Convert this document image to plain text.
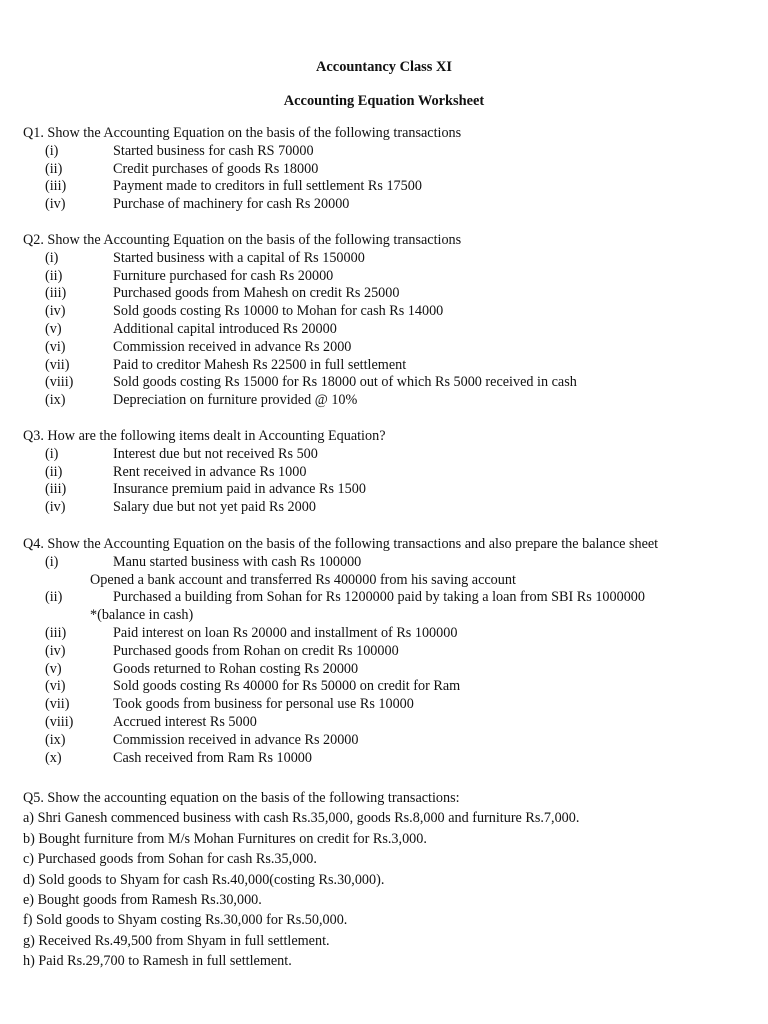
Accountancy Class XI
Accounting Equation Worksheet
Q1. Show the Accounting Equation on the basis of the following transactions
(i)	Started business for cash RS 70000
(ii)	Credit purchases of goods Rs 18000
(iii)	Payment made to creditors in full settlement Rs 17500
(iv)	Purchase of machinery for cash Rs 20000
Q2. Show the Accounting Equation on the basis of the following transactions
(i)	Started business with a capital of Rs 150000
(ii)	Furniture purchased for cash Rs 20000
(iii)	Purchased goods from Mahesh on credit Rs 25000
(iv)	Sold goods costing Rs 10000 to Mohan for cash Rs 14000
(v)	Additional capital introduced Rs 20000
(vi)	Commission received in advance Rs 2000
(vii)	Paid to creditor Mahesh Rs 22500 in full settlement
(viii)	Sold goods costing Rs 15000 for Rs 18000 out of which Rs 5000 received in cash
(ix)	Depreciation on furniture provided @ 10%
Q3. How are the following items dealt in Accounting Equation?
(i)	Interest due but not received Rs 500
(ii)	Rent received in advance Rs 1000
(iii)	Insurance premium paid in advance Rs 1500
(iv)	Salary due but not yet paid Rs 2000
Q4. Show the Accounting Equation on the basis of the following transactions and also prepare the balance sheet
(i)	Manu started business with cash Rs 100000
Opened a bank account and transferred Rs 400000 from his saving account
(ii)	Purchased a building from Sohan for Rs 1200000 paid by taking a loan from SBI Rs 1000000
*(balance in cash)
(iii)	Paid interest on loan Rs 20000 and installment of Rs 100000
(iv)	Purchased goods from Rohan on credit Rs 100000
(v)	Goods returned to Rohan costing Rs 20000
(vi)	Sold goods costing Rs 40000 for Rs 50000 on credit for Ram
(vii)	Took goods from business for personal use Rs 10000
(viii)	Accrued interest Rs 5000
(ix)	Commission received in advance Rs 20000
(x)	Cash received from Ram Rs 10000
Q5. Show the accounting equation on the basis of the following transactions:
a) Shri Ganesh commenced business with cash Rs.35,000, goods Rs.8,000 and furniture Rs.7,000.
b) Bought furniture from M/s Mohan Furnitures on credit for Rs.3,000.
c) Purchased goods from Sohan for cash Rs.35,000.
d) Sold goods to Shyam for cash Rs.40,000(costing Rs.30,000).
e) Bought goods from Ramesh Rs.30,000.
f) Sold goods to Shyam costing Rs.30,000 for Rs.50,000.
g) Received Rs.49,500 from Shyam in full settlement.
h) Paid Rs.29,700 to Ramesh in full settlement.
